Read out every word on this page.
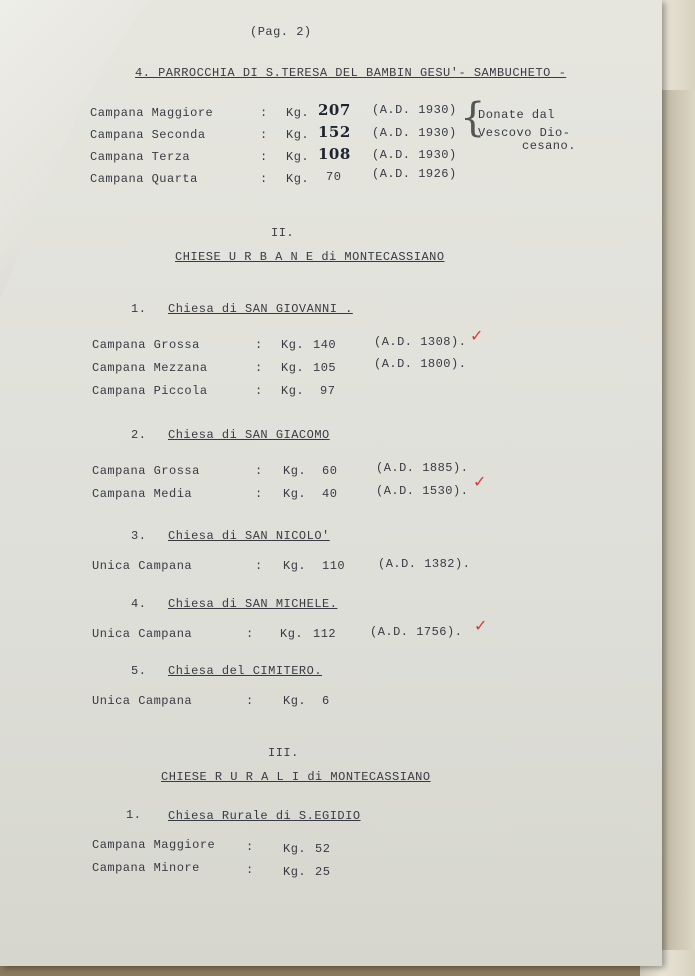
(Pag. 2)
4. PARROCCHIA DI S.TERESA DEL BAMBIN GESU'- SAMBUCHETO -
Campana Maggiore	: Kg. 207 (A.D. 1930)
Campana Seconda	: Kg. 152 (A.D. 1930)
Campana Terza	: Kg. 108 (A.D. 1930)
Campana Quarta	: Kg. 70	(A.D. 1926)
{
Donate dal
Vescovo Dio-
cesano.
II.
CHIESE U R B A N E di MONTECASSIANO
1. Chiesa di SAN GIOVANNI .
Campana Grossa	: Kg. 140	(A.D. 1308). ✓
Campana Mezzana	: Kg. 105	(A.D. 1800).
Campana Piccola	: Kg. 97
2. Chiesa di SAN GIACOMO
Campana Grossa	: Kg. 60	(A.D. 1885).
Campana Media	: Kg. 40	(A.D. 1530). ✓
3. Chiesa di SAN NICOLO'
Unica Campana	: Kg. 110	(A.D. 1382).
4. Chiesa di SAN MICHELE.
Unica Campana	: Kg. 112	(A.D. 1756). ✓
5. Chiesa del CIMITERO.
Unica Campana	: Kg. 6
III.
CHIESE R U R A L I di MONTECASSIANO
1. Chiesa Rurale di S.EGIDIO
Campana Maggiore	: Kg. 52
Campana Minore	: Kg. 25
